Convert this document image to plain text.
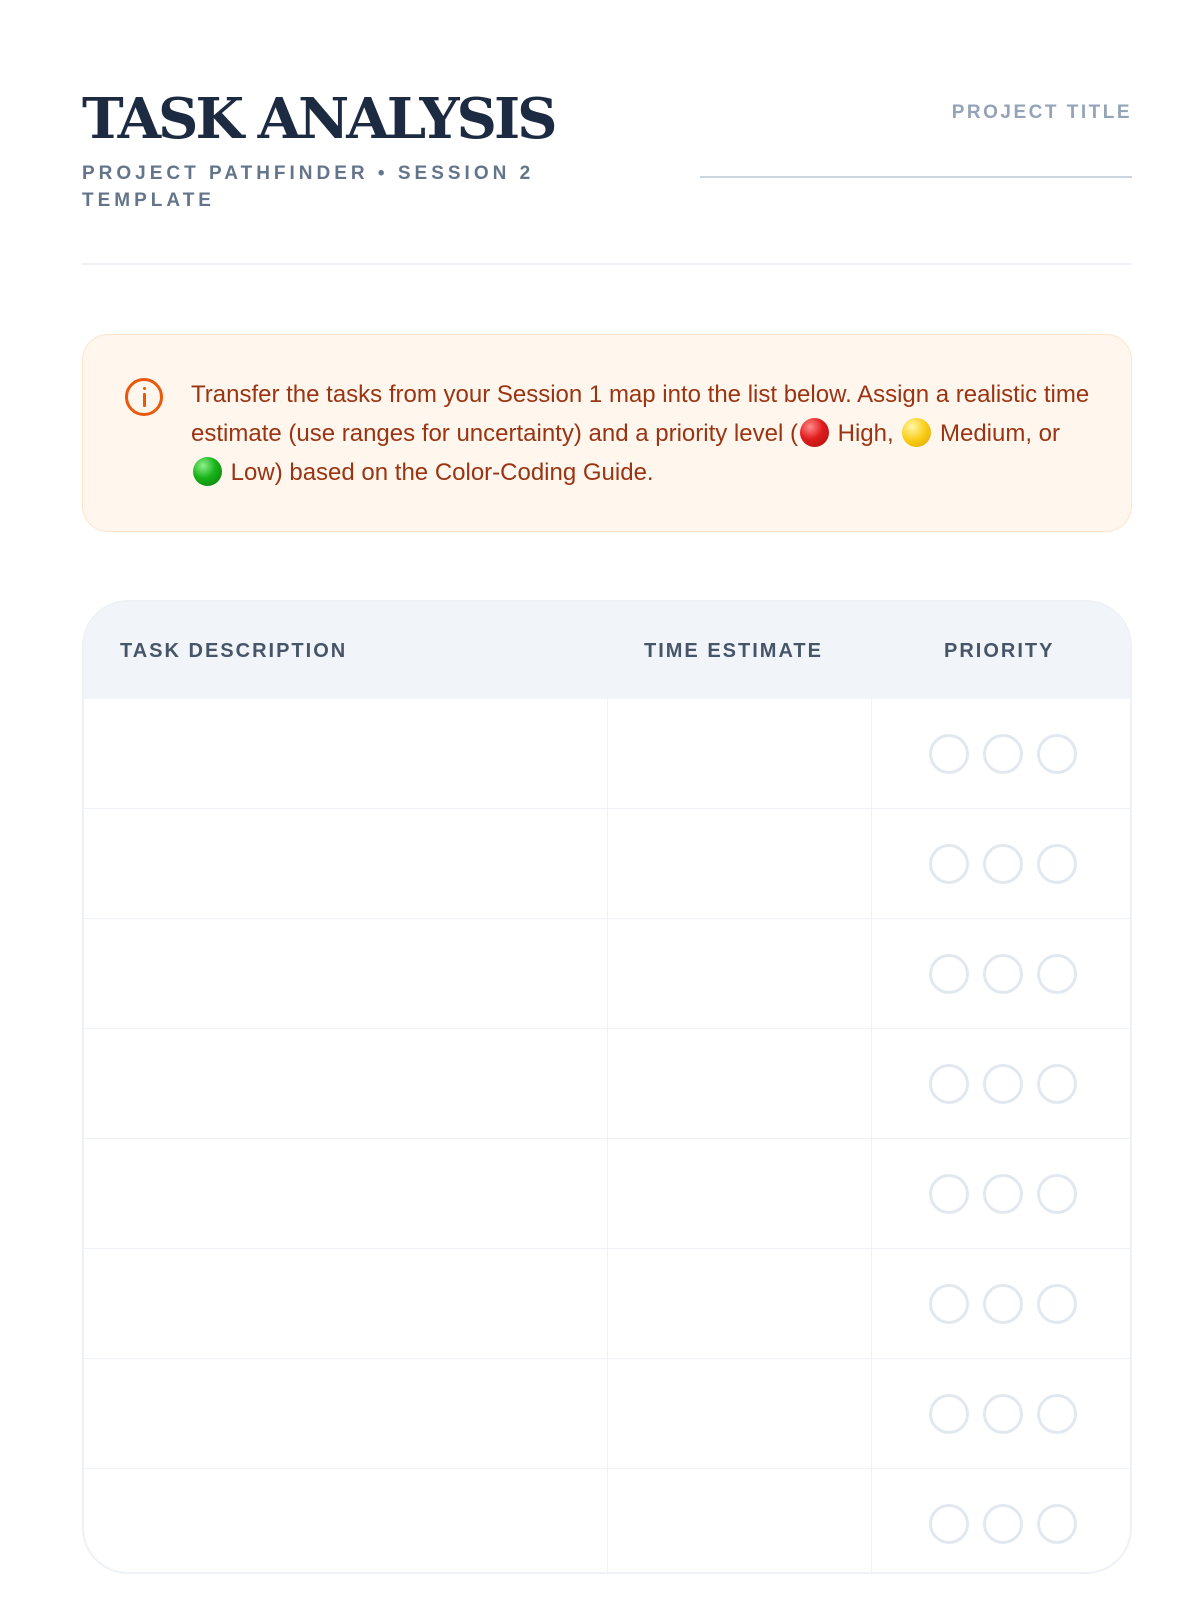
TASK ANALYSIS
PROJECT PATHFINDER • SESSION 2 TEMPLATE
PROJECT TITLE
Transfer the tasks from your Session 1 map into the list below. Assign a realistic time estimate (use ranges for uncertainty) and a priority level ( High, Medium, or  Low) based on the Color-Coding Guide.
TASK DESCRIPTION	TIME ESTIMATE	PRIORITY
